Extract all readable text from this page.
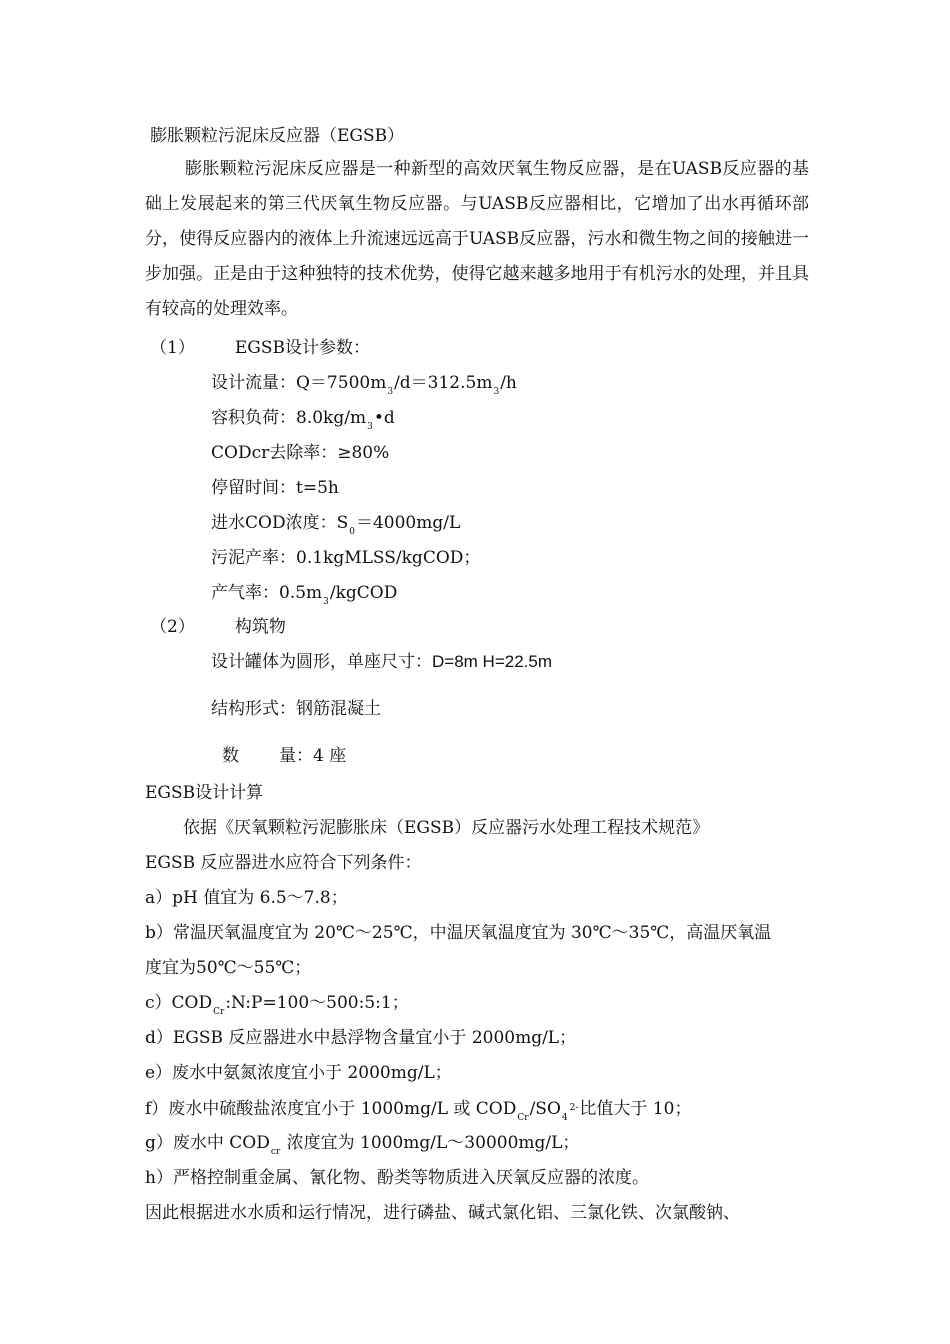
膨胀颗粒污泥床反应器（EGSB）
膨胀颗粒污泥床反应器是一种新型的高效厌氧生物反应器，是在UASB反应器的基础上发展起来的第三代厌氧生物反应器。与UASB反应器相比，它增加了出水再循环部分，使得反应器内的液体上升流速远远高于UASB反应器，污水和微生物之间的接触进一步加强。正是由于这种独特的技术优势，使得它越来越多地用于有机污水的处理，并且具有较高的处理效率。
（1） EGSB设计参数：
设计流量：$Q=7500m_3/d=312.5m_3/h$
容积负荷：$8.0kg/m_3•d$
CODcr去除率：≥80%
停留时间：t=5h
进水COD浓度：$S_0=4000mg/L$
污泥产率：0.1kgMLSS/kgCOD；
产气率：$0.5m_3$/kgCOD
（2） 构筑物
设计罐体为圆形，单座尺寸：D=8m H=22.5m
结构形式：钢筋混凝土
数 量：4 座
EGSB设计计算
依据《厌氧颗粒污泥膨胀床（EGSB）反应器污水处理工程技术规范》
EGSB 反应器进水应符合下列条件：
a）pH 值宜为 6.5～7.8；
b）常温厌氧温度宜为 20℃～25℃，中温厌氧温度宜为 30℃～35℃，高温厌氧温
度宜为50℃～55℃；
$c)COD_{Cr}:N:P=100\sim 500:5:1$；
d）EGSB 反应器进水中悬浮物含量宜小于 2000mg/L；
e）废水中氨氮浓度宜小于 2000mg/L；
f）废水中硫酸盐浓度宜小于 1000mg/L 或 $COD_{Cr}/SO_4^{2-}$比值大于 10；
g）废水中 $COD_{cr}$ 浓度宜为 1000mg/L～30000mg/L；
h）严格控制重金属、氰化物、酚类等物质进入厌氧反应器的浓度。
因此根据进水水质和运行情况，进行磷盐、碱式氯化铝、三氯化铁、次氯酸钠、
